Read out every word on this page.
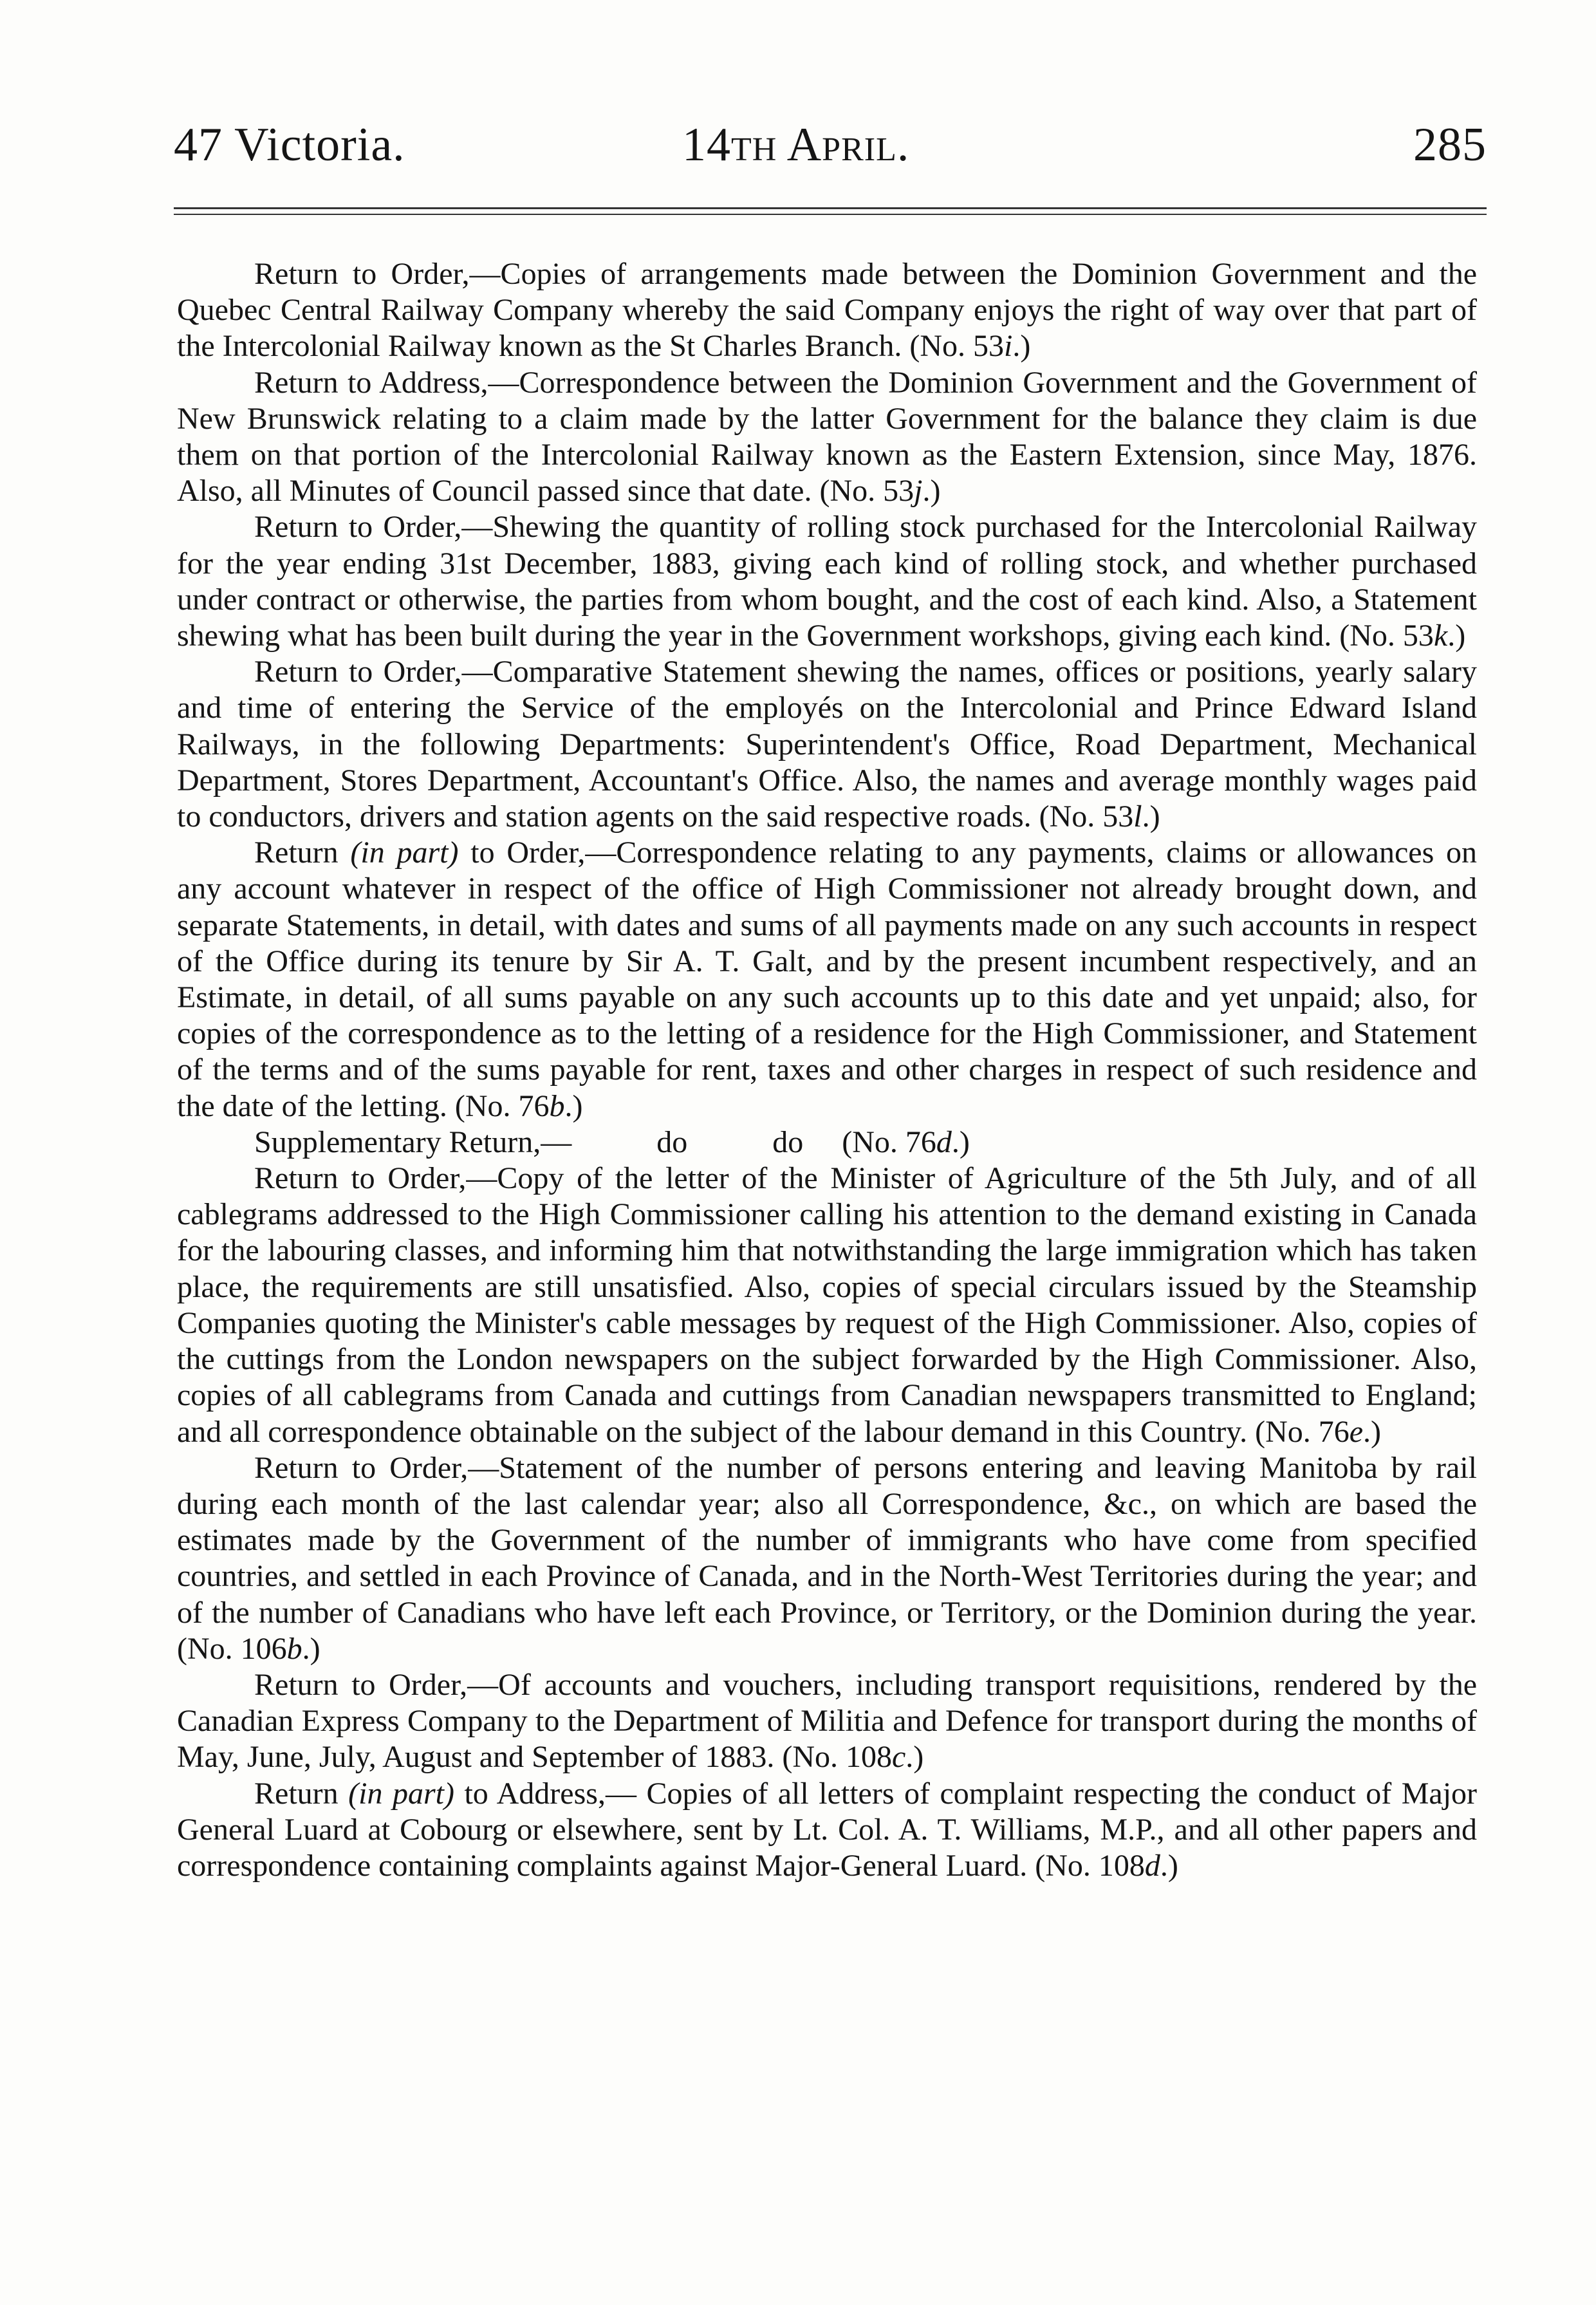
47 Victoria.	14th April.	285

Return to Order,—Copies of arrangements made between the Dominion Government and the Quebec Central Railway Company whereby the said Company enjoys the right of way over that part of the Intercolonial Railway known as the St Charles Branch. (No. 53i.)

Return to Address,—Correspondence between the Dominion Government and the Government of New Brunswick relating to a claim made by the latter Government for the balance they claim is due them on that portion of the Intercolonial Railway known as the Eastern Extension, since May, 1876. Also, all Minutes of Council passed since that date. (No. 53j.)

Return to Order,—Shewing the quantity of rolling stock purchased for the Intercolonial Railway for the year ending 31st December, 1883, giving each kind of rolling stock, and whether purchased under contract or otherwise, the parties from whom bought, and the cost of each kind. Also, a Statement shewing what has been built during the year in the Government workshops, giving each kind. (No. 53k.)

Return to Order,—Comparative Statement shewing the names, offices or positions, yearly salary and time of entering the Service of the employés on the Intercolonial and Prince Edward Island Railways, in the following Departments: Superintendent's Office, Road Department, Mechanical Department, Stores Department, Accountant's Office. Also, the names and average monthly wages paid to conductors, drivers and station agents on the said respective roads. (No. 53l.)

Return (in part) to Order,—Correspondence relating to any payments, claims or allowances on any account whatever in respect of the office of High Commissioner not already brought down, and separate Statements, in detail, with dates and sums of all payments made on any such accounts in respect of the Office during its tenure by Sir A. T. Galt, and by the present incumbent respectively, and an Estimate, in detail, of all sums payable on any such accounts up to this date and yet unpaid; also, for copies of the correspondence as to the letting of a residence for the High Commissioner, and Statement of the terms and of the sums payable for rent, taxes and other charges in respect of such residence and the date of the letting. (No. 76b.)

Supplementary Return,—	do	do (No. 76d.)

Return to Order,—Copy of the letter of the Minister of Agriculture of the 5th July, and of all cablegrams addressed to the High Commissioner calling his attention to the demand existing in Canada for the labouring classes, and informing him that notwithstanding the large immigration which has taken place, the requirements are still unsatisfied. Also, copies of special circulars issued by the Steamship Companies quoting the Minister's cable messages by request of the High Commissioner. Also, copies of the cuttings from the London newspapers on the subject forwarded by the High Commissioner. Also, copies of all cablegrams from Canada and cuttings from Canadian newspapers transmitted to England; and all correspondence obtainable on the subject of the labour demand in this Country. (No. 76e.)

Return to Order,—Statement of the number of persons entering and leaving Manitoba by rail during each month of the last calendar year; also all Correspondence, &c., on which are based the estimates made by the Government of the number of immigrants who have come from specified countries, and settled in each Province of Canada, and in the North-West Territories during the year; and of the number of Canadians who have left each Province, or Territory, or the Dominion during the year. (No. 106b.)

Return to Order,—Of accounts and vouchers, including transport requisitions, rendered by the Canadian Express Company to the Department of Militia and Defence for transport during the months of May, June, July, August and September of 1883. (No. 108c.)

Return (in part) to Address,— Copies of all letters of complaint respecting the conduct of Major General Luard at Cobourg or elsewhere, sent by Lt. Col. A. T. Williams, M.P., and all other papers and correspondence containing complaints against Major-General Luard. (No. 108d.)
